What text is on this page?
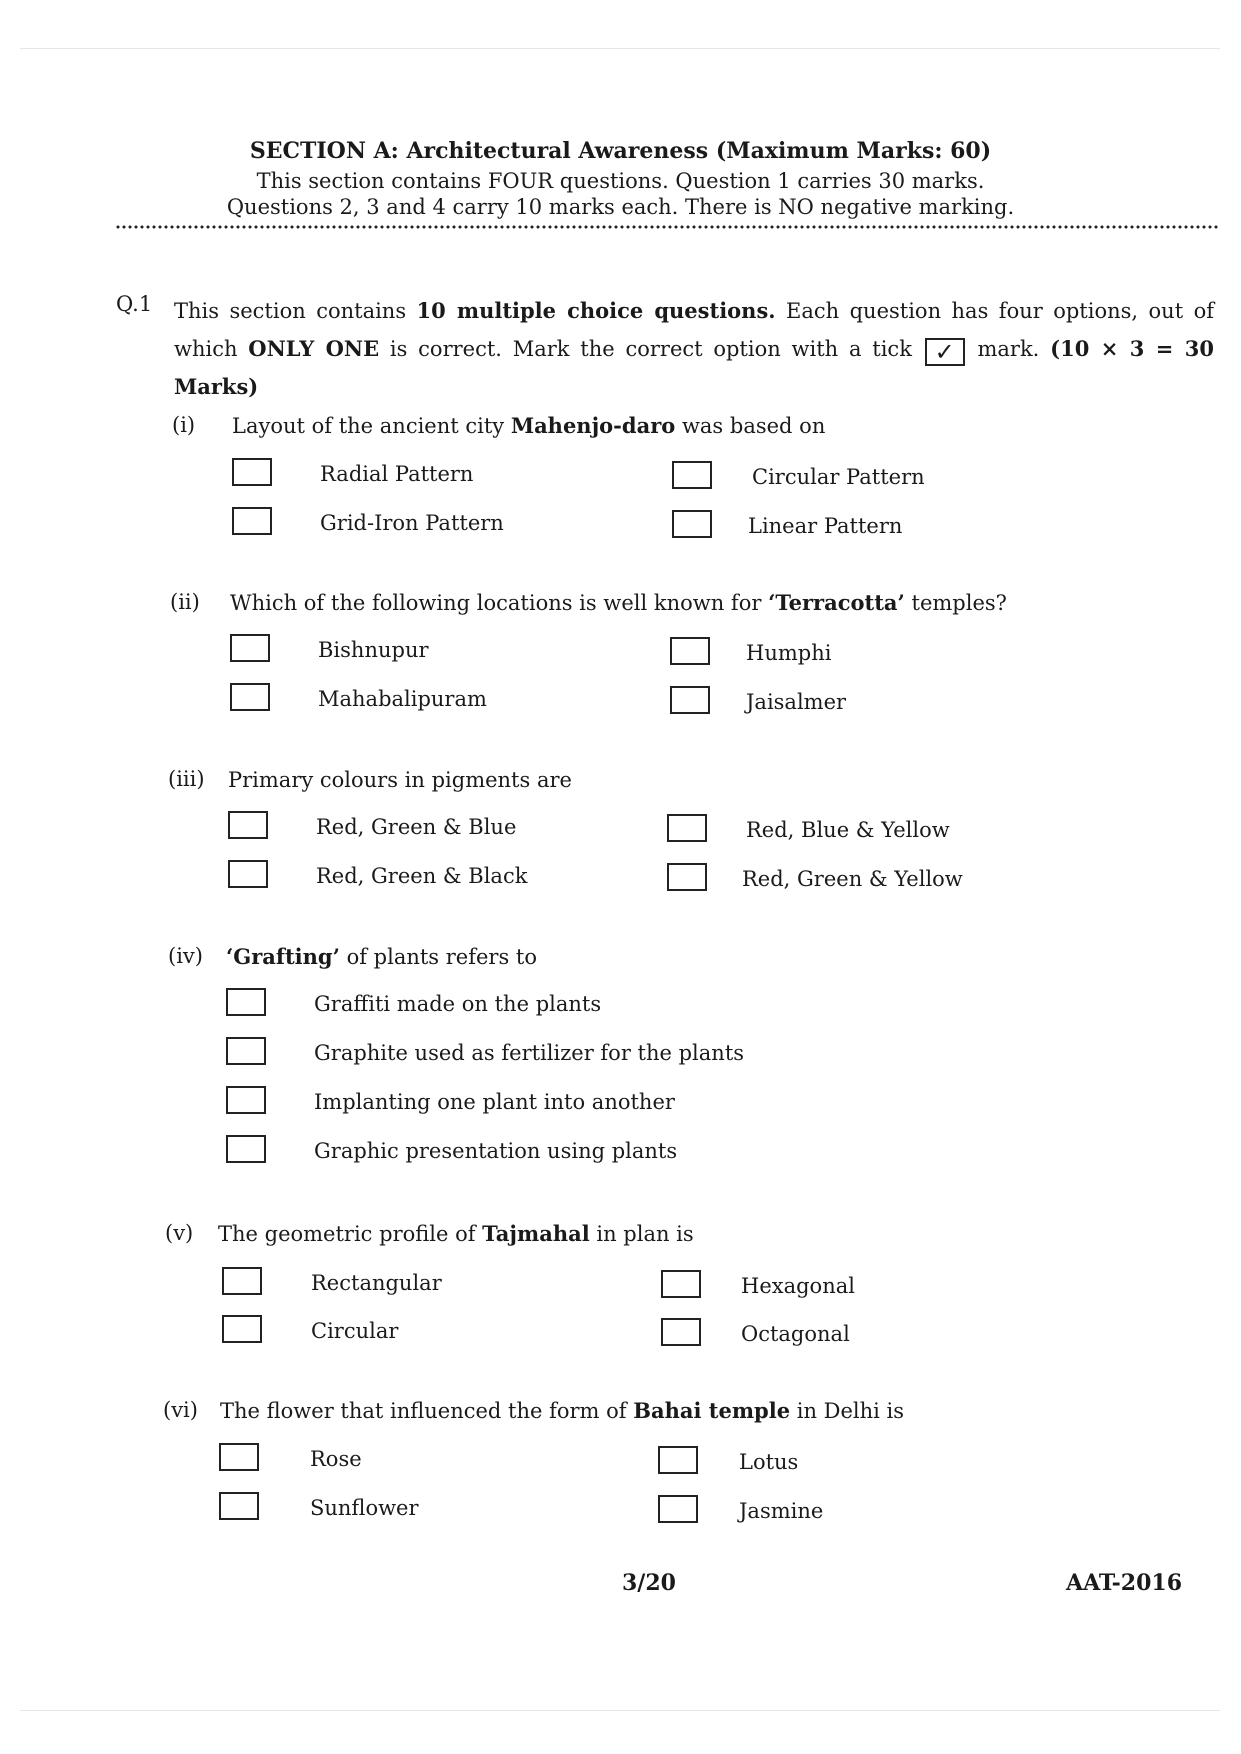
SECTION A: Architectural Awareness (Maximum Marks: 60)
This section contains FOUR questions. Question 1 carries 30 marks.
Questions 2, 3 and 4 carry 10 marks each. There is NO negative marking.
Q.1 This section contains 10 multiple choice questions. Each question has four options, out of which ONLY ONE is correct. Mark the correct option with a tick ✓ mark. (10 × 3 = 30 Marks)
(i) Layout of the ancient city Mahenjo-daro was based on
Radial Pattern	Circular Pattern
Grid-Iron Pattern	Linear Pattern
(ii) Which of the following locations is well known for ‘Terracotta’ temples?
Bishnupur	Humphi
Mahabalipuram	Jaisalmer
(iii) Primary colours in pigments are
Red, Green & Blue	Red, Blue & Yellow
Red, Green & Black	Red, Green & Yellow
(iv) ‘Grafting’ of plants refers to
Graffiti made on the plants
Graphite used as fertilizer for the plants
Implanting one plant into another
Graphic presentation using plants
(v) The geometric profile of Tajmahal in plan is
Rectangular	Hexagonal
Circular	Octagonal
(vi) The flower that influenced the form of Bahai temple in Delhi is
Rose	Lotus
Sunflower	Jasmine
3/20	AAT-2016
